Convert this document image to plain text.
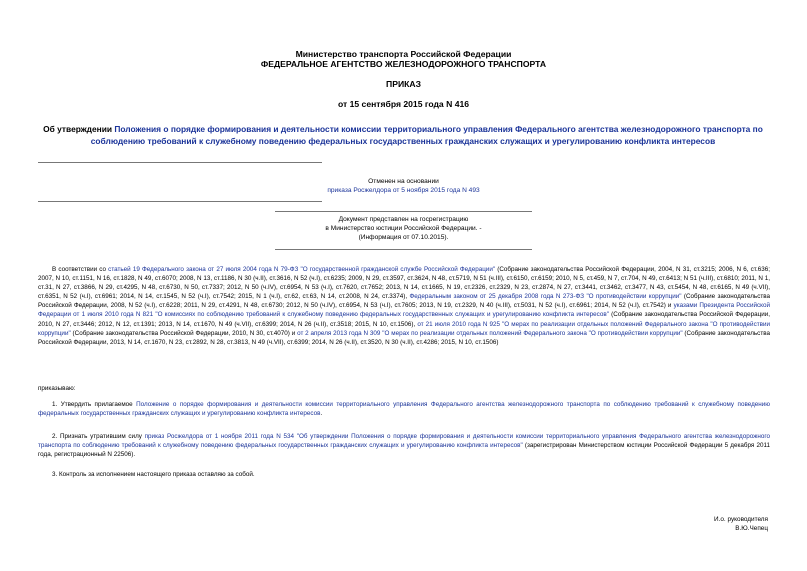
Министерство транспорта Российской Федерации
ФЕДЕРАЛЬНОЕ АГЕНТСТВО ЖЕЛЕЗНОДОРОЖНОГО ТРАНСПОРТА
ПРИКАЗ
от 15 сентября 2015 года N 416
Об утверждении Положения о порядке формирования и деятельности комиссии территориального управления Федерального агентства железнодорожного транспорта по соблюдению требований к служебному поведению федеральных государственных гражданских служащих и урегулированию конфликта интересов
Отменен на основании
приказа Росжелдора от 5 ноября 2015 года N 493
Документ представлен на госрегистрацию
в Министерство юстиции Российской Федерации. -
(Информация от 07.10.2015).
В соответствии со статьей 19 Федерального закона от 27 июля 2004 года N 79-ФЗ "О государственной гражданской службе Российской Федерации" (Собрание законодательства Российской Федерации, 2004, N 31, ст.3215; 2006, N 6, ст.636; 2007, N 10, ст.1151, N 16, ст.1828, N 49, ст.6070; 2008, N 13, ст.1186, N 30 (ч.II), ст.3616, N 52 (ч.I), ст.6235; 2009, N 29, ст.3597, ст.3624, N 48, ст.5719, N 51 (ч.III), ст.6150, ст.6159; 2010, N 5, ст.459, N 7, ст.704, N 49, ст.6413; N 51 (ч.III), ст.6810; 2011, N 1, ст.31, N 27, ст.3866, N 29, ст.4295, N 48, ст.6730, N 50, ст.7337; 2012, N 50 (ч.IV), ст.6954, N 53 (ч.I), ст.7620, ст.7652; 2013, N 14, ст.1665, N 19, ст.2326, ст.2329, N 23, ст.2874, N 27, ст.3441, ст.3462, ст.3477, N 43, ст.5454, N 48, ст.6165, N 49 (ч.VII), ст.6351, N 52 (ч.I), ст.6961; 2014, N 14, ст.1545, N 52 (ч.I), ст.7542; 2015, N 1 (ч.I), ст.62, ст.63, N 14, ст.2008, N 24, ст.3374), Федеральным законом от 25 декабря 2008 года N 273-ФЗ "О противодействии коррупции" (Собрание законодательства Российской Федерации, 2008, N 52 (ч.I), ст.6228; 2011, N 29, ст.4291, N 48, ст.6730; 2012, N 50 (ч.IV), ст.6954, N 53 (ч.I), ст.7605; 2013, N 19, ст.2329, N 40 (ч.III), ст.5031, N 52 (ч.I), ст.6961; 2014, N 52 (ч.I), ст.7542) и указами Президента Российской Федерации от 1 июля 2010 года N 821 "О комиссиях по соблюдению требований к служебному поведению федеральных государственных служащих и урегулированию конфликта интересов" (Собрание законодательства Российской Федерации, 2010, N 27, ст.3446; 2012, N 12, ст.1391; 2013, N 14, ст.1670, N 49 (ч.VII), ст.6399; 2014, N 26 (ч.II), ст.3518; 2015, N 10, ст.1506), от 21 июля 2010 года N 925 "О мерах по реализации отдельных положений Федерального закона "О противодействии коррупции" (Собрание законодательства Российской Федерации, 2010, N 30, ст.4070) и от 2 апреля 2013 года N 309 "О мерах по реализации отдельных положений Федерального закона "О противодействии коррупции" (Собрание законодательства Российской Федерации, 2013, N 14, ст.1670, N 23, ст.2892, N 28, ст.3813, N 49 (ч.VII), ст.6399; 2014, N 26 (ч.II), ст.3520, N 30 (ч.II), ст.4286; 2015, N 10, ст.1506)
приказываю:
1. Утвердить прилагаемое Положение о порядке формирования и деятельности комиссии территориального управления Федерального агентства железнодорожного транспорта по соблюдению требований к служебному поведению федеральных государственных гражданских служащих и урегулированию конфликта интересов.
2. Признать утратившим силу приказ Росжелдора от 1 ноября 2011 года N 534 "Об утверждении Положения о порядке формирования и деятельности комиссии территориального управления Федерального агентства железнодорожного транспорта по соблюдению требований к служебному поведению федеральных государственных гражданских служащих и урегулированию конфликта интересов" (зарегистрирован Министерством юстиции Российской Федерации 5 декабря 2011 года, регистрационный N 22506).
3. Контроль за исполнением настоящего приказа оставляю за собой.
И.о. руководителя
В.Ю.Чепец
